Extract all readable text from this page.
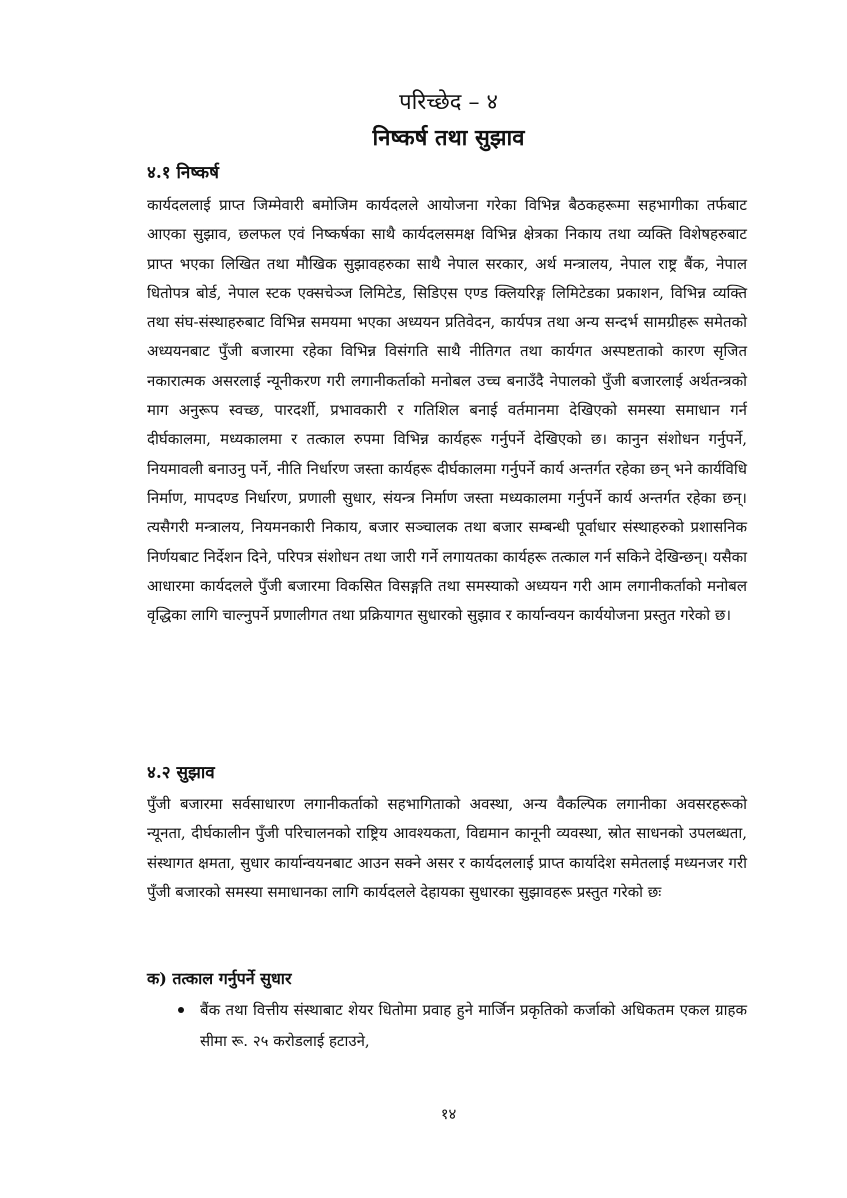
परिच्छेद – ४
निष्कर्ष तथा सुझाव
४.१ निष्कर्ष

कार्यदललाई प्राप्त जिम्मेवारी बमोजिम कार्यदलले आयोजना गरेका विभिन्न बैठकहरूमा सहभागीका तर्फबाट आएका सुझाव, छलफल एवं निष्कर्षका साथै कार्यदलसमक्ष विभिन्न क्षेत्रका निकाय तथा व्यक्ति विशेषहरुबाट प्राप्त भएका लिखित तथा मौखिक सुझावहरुका साथै नेपाल सरकार, अर्थ मन्त्रालय, नेपाल राष्ट्र बैंक, नेपाल धितोपत्र बोर्ड, नेपाल स्टक एक्सचेञ्ज लिमिटेड, सिडिएस एण्ड क्लियरिङ्ग लिमिटेडका प्रकाशन, विभिन्न व्यक्ति तथा संघ-संस्थाहरुबाट विभिन्न समयमा भएका अध्ययन प्रतिवेदन, कार्यपत्र तथा अन्य सन्दर्भ सामग्रीहरू समेतको अध्ययनबाट पुँजी बजारमा रहेका विभिन्न विसंगति साथै नीतिगत तथा कार्यगत अस्पष्टताको कारण सृजित नकारात्मक असरलाई न्यूनीकरण गरी लगानीकर्ताको मनोबल उच्च बनाउँदै नेपालको पुँजी बजारलाई अर्थतन्त्रको माग अनुरूप स्वच्छ, पारदर्शी, प्रभावकारी र गतिशिल बनाई वर्तमानमा देखिएको समस्या समाधान गर्न दीर्घकालमा, मध्यकालमा र तत्काल रुपमा विभिन्न कार्यहरू गर्नुपर्ने देखिएको छ। कानुन संशोधन गर्नुपर्ने, नियमावली बनाउनु पर्ने, नीति निर्धारण जस्ता कार्यहरू दीर्घकालमा गर्नुपर्ने कार्य अन्तर्गत रहेका छन् भने कार्यविधि निर्माण, मापदण्ड निर्धारण, प्रणाली सुधार, संयन्त्र निर्माण जस्ता मध्यकालमा गर्नुपर्ने कार्य अन्तर्गत रहेका छन्। त्यसैगरी मन्त्रालय, नियमनकारी निकाय, बजार सञ्चालक तथा बजार सम्बन्धी पूर्वाधार संस्थाहरुको प्रशासनिक निर्णयबाट निर्देशन दिने, परिपत्र संशोधन तथा जारी गर्ने लगायतका कार्यहरू तत्काल गर्न सकिने देखिन्छन्। यसैका आधारमा कार्यदलले पुँजी बजारमा विकसित विसङ्गति तथा समस्याको अध्ययन गरी आम लगानीकर्ताको मनोबल वृद्धिका लागि चाल्नुपर्ने प्रणालीगत तथा प्रक्रियागत सुधारको सुझाव र कार्यान्वयन कार्ययोजना प्रस्तुत गरेको छ।

४.२ सुझाव

पुँजी बजारमा सर्वसाधारण लगानीकर्ताको सहभागिताको अवस्था, अन्य वैकल्पिक लगानीका अवसरहरूको न्यूनता, दीर्घकालीन पुँजी परिचालनको राष्ट्रिय आवश्यकता, विद्यमान कानूनी व्यवस्था, स्रोत साधनको उपलब्धता, संस्थागत क्षमता, सुधार कार्यान्वयनबाट आउन सक्ने असर र कार्यदललाई प्राप्त कार्यादेश समेतलाई मध्यनजर गरी पुँजी बजारको समस्या समाधानका लागि कार्यदलले देहायका सुधारका सुझावहरू प्रस्तुत गरेको छः

क) तत्काल गर्नुपर्ने सुधार
बैंक तथा वित्तीय संस्थाबाट शेयर धितोमा प्रवाह हुने मार्जिन प्रकृतिको कर्जाको अधिकतम एकल ग्राहक सीमा रू. २५ करोडलाई हटाउने,
१४
